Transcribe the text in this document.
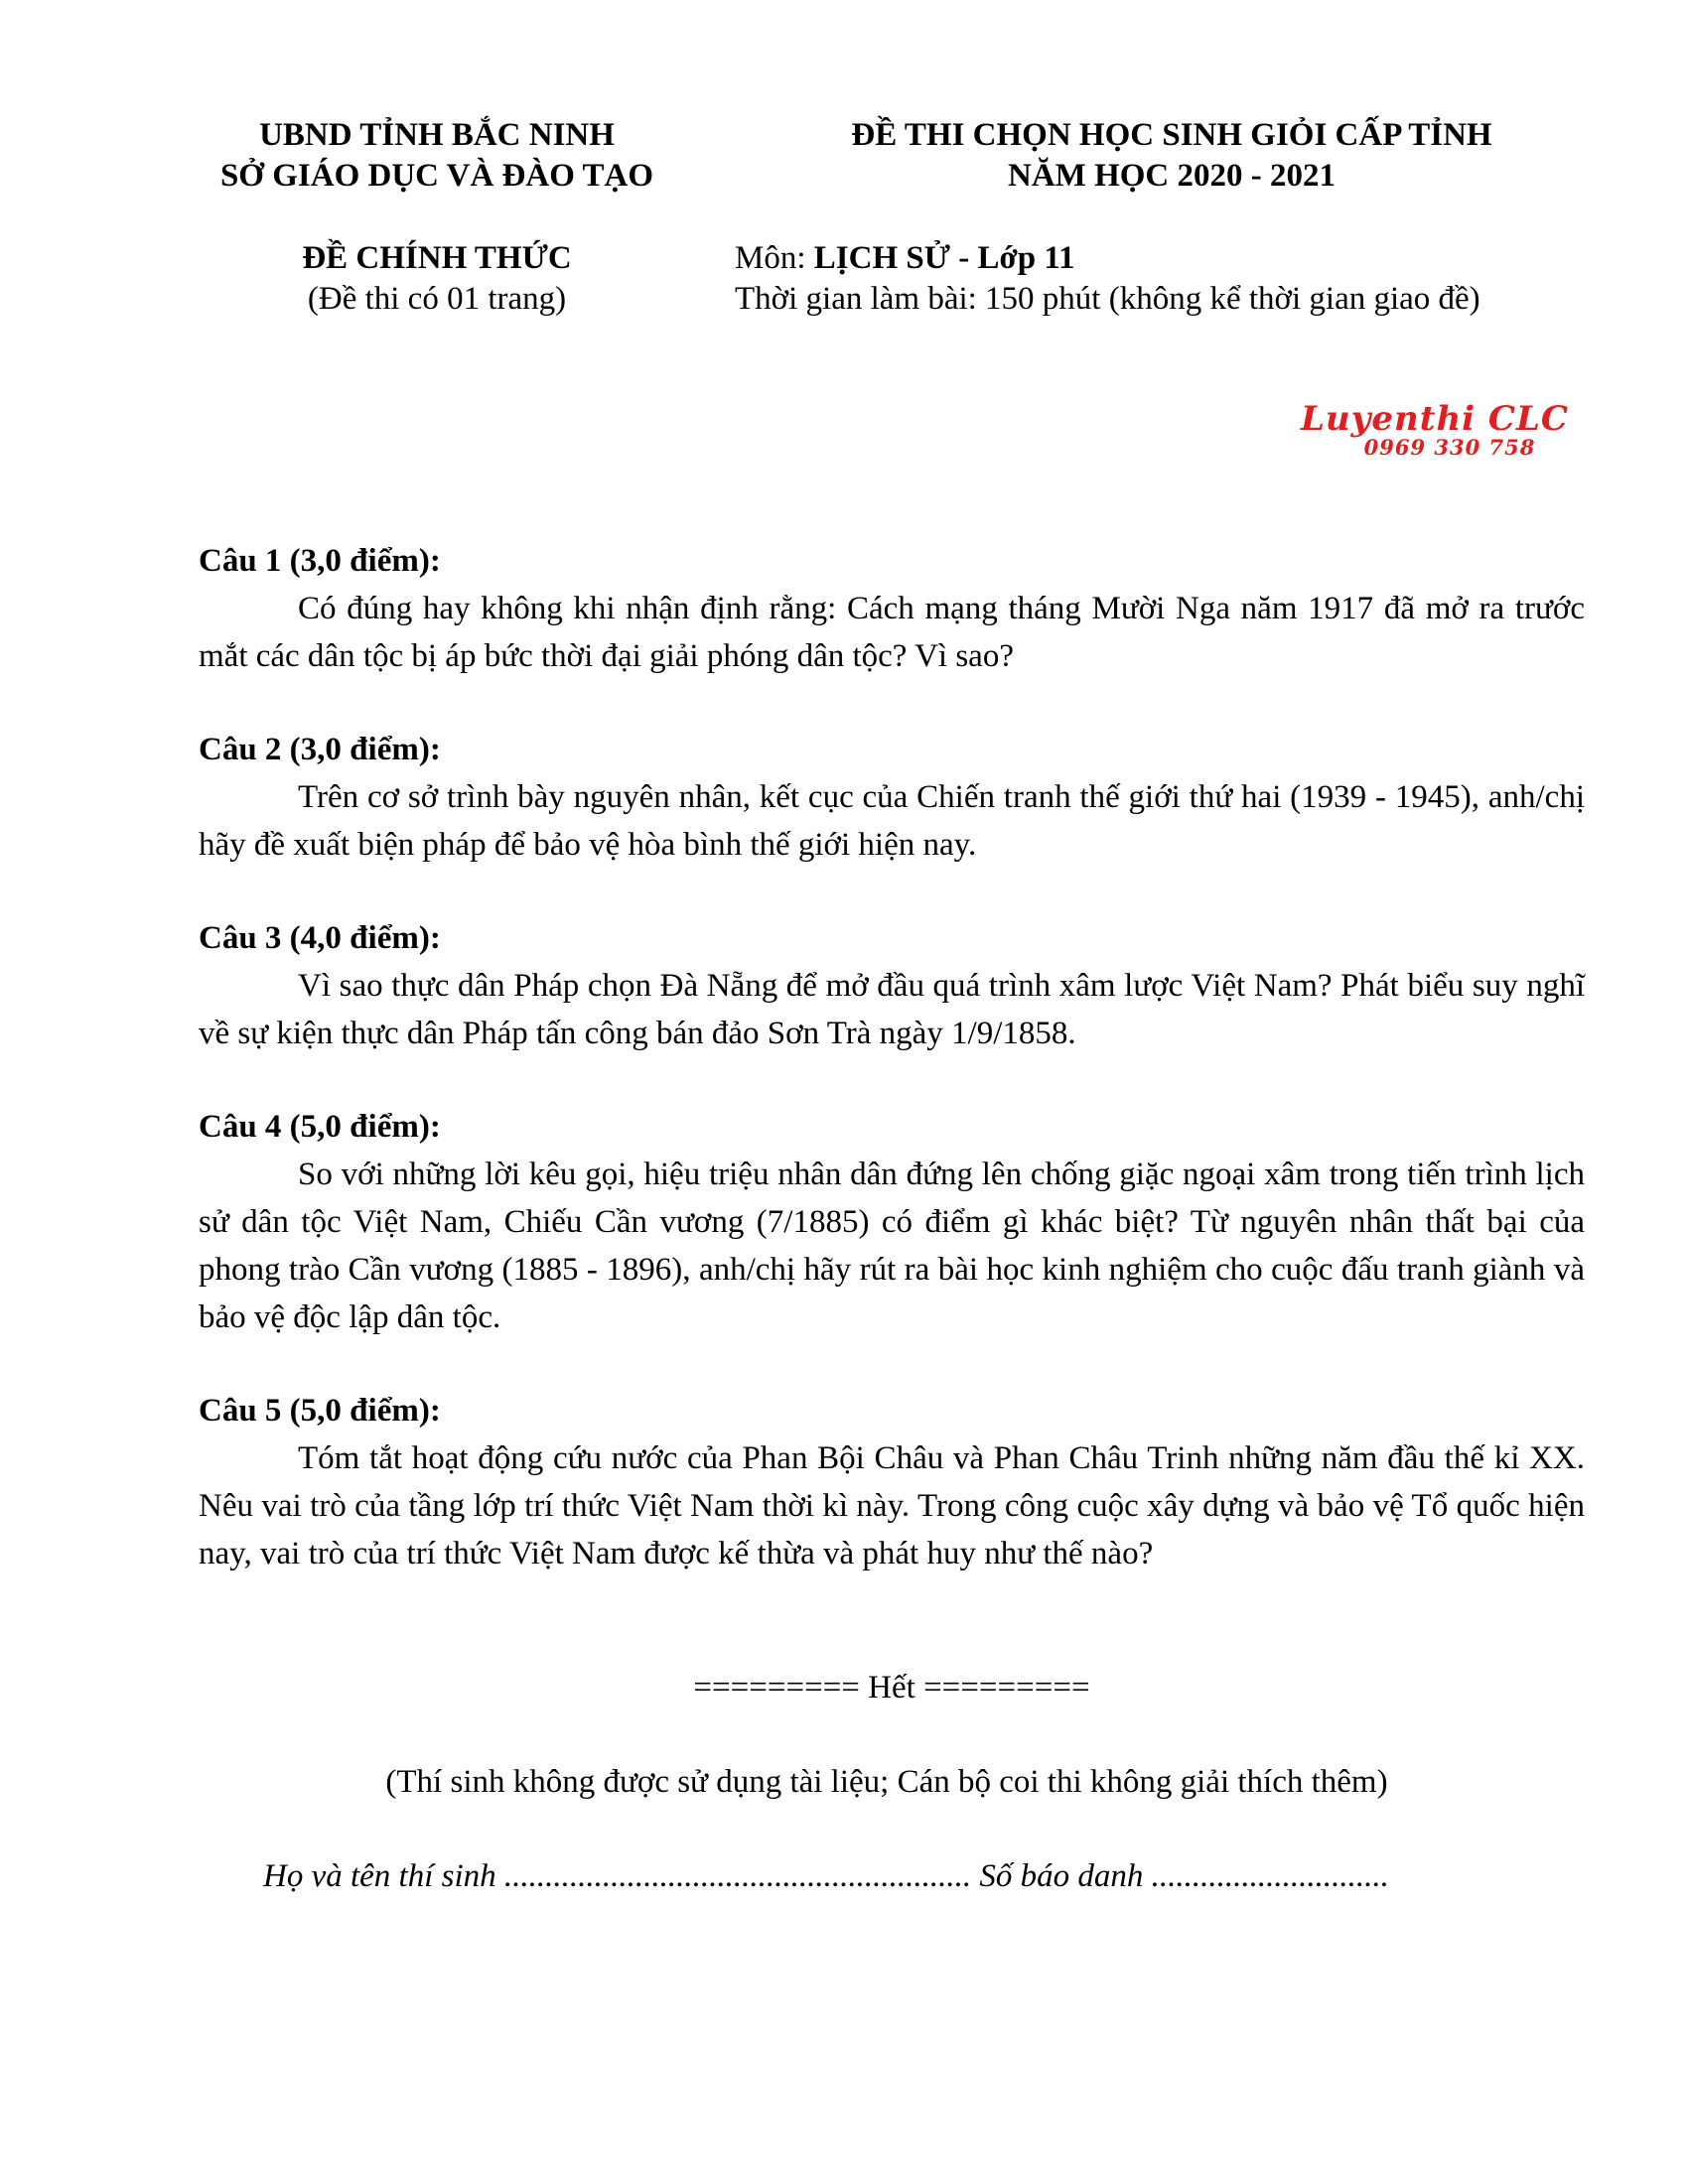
UBND TỈNH BẮC NINH
SỞ GIÁO DỤC VÀ ĐÀO TẠO
ĐỀ THI CHỌN HỌC SINH GIỎI CẤP TỈNH
NĂM HỌC 2020 - 2021
ĐỀ CHÍNH THỨC
(Đề thi có 01 trang)
Môn: LỊCH SỬ - Lớp 11
Thời gian làm bài: 150 phút (không kể thời gian giao đề)
Luyenthi CLC
0969 330 758
Câu 1 (3,0 điểm):

Có đúng hay không khi nhận định rằng: Cách mạng tháng Mười Nga năm 1917 đã mở ra trước mắt các dân tộc bị áp bức thời đại giải phóng dân tộc? Vì sao?

Câu 2 (3,0 điểm):

Trên cơ sở trình bày nguyên nhân, kết cục của Chiến tranh thế giới thứ hai (1939 - 1945), anh/chị hãy đề xuất biện pháp để bảo vệ hòa bình thế giới hiện nay.

Câu 3 (4,0 điểm):

Vì sao thực dân Pháp chọn Đà Nẵng để mở đầu quá trình xâm lược Việt Nam? Phát biểu suy nghĩ về sự kiện thực dân Pháp tấn công bán đảo Sơn Trà ngày 1/9/1858.

Câu 4 (5,0 điểm):

So với những lời kêu gọi, hiệu triệu nhân dân đứng lên chống giặc ngoại xâm trong tiến trình lịch sử dân tộc Việt Nam, Chiếu Cần vương (7/1885) có điểm gì khác biệt? Từ nguyên nhân thất bại của phong trào Cần vương (1885 - 1896), anh/chị hãy rút ra bài học kinh nghiệm cho cuộc đấu tranh giành và bảo vệ độc lập dân tộc.

Câu 5 (5,0 điểm):

Tóm tắt hoạt động cứu nước của Phan Bội Châu và Phan Châu Trinh những năm đầu thế kỉ XX. Nêu vai trò của tầng lớp trí thức Việt Nam thời kì này. Trong công cuộc xây dựng và bảo vệ Tổ quốc hiện nay, vai trò của trí thức Việt Nam được kế thừa và phát huy như thế nào?

========= Hết =========
(Thí sinh không được sử dụng tài liệu; Cán bộ coi thi không giải thích thêm)
Họ và tên thí sinh ......................................................... Số báo danh .............................
